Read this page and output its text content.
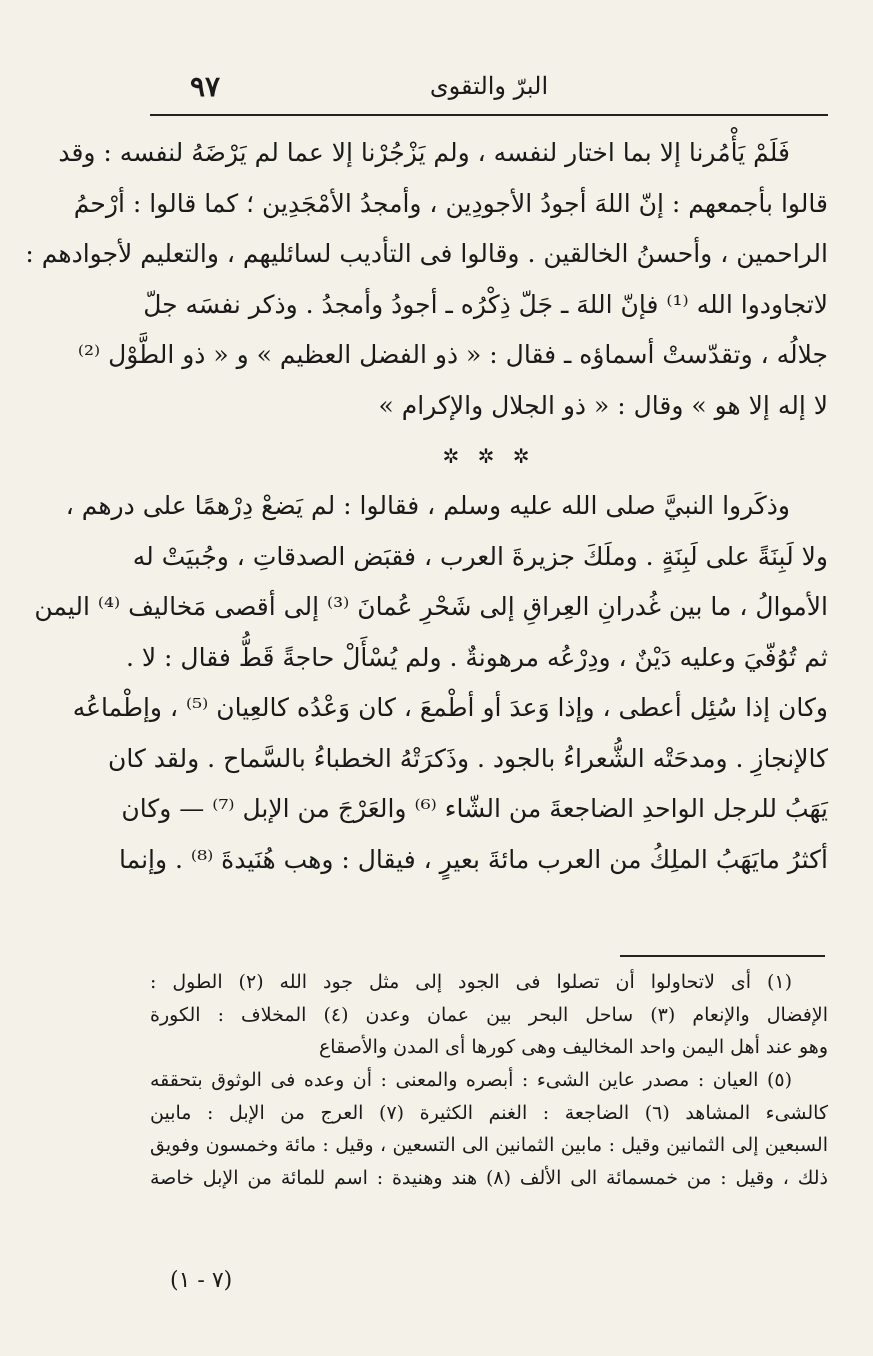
٩٧	البرّ والتقوى
فَلَمْ يَأْمُرنا إلا بما اختار لنفسه ، ولم يَزْجُرْنا إلا عما لم يَرْضَهُ لنفسه : وقد
قالوا بأجمعهم : إنّ اللهَ أجودُ الأجودِين ، وأمجدُ الأمْجَدِين ؛ كما قالوا : أرْحمُ
الراحمين ، وأحسنُ الخالقين . وقالوا فى التأديب لسائليهم ، والتعليم لأجوادهم :
لاتجاودوا الله ⁽¹⁾ فإنّ اللهَ ـ جَلّ ذِكْرُه ـ أجودُ وأمجدُ . وذكر نفسَه جلّ
جلالُه ، وتقدّستْ أسماؤه ـ فقال : « ذو الفضل العظيم » و « ذو الطَّوْل ⁽²⁾
لا إله إلا هو » وقال : « ذو الجلال والإكرام »
✲ ✲ ✲
وذكَروا النبيَّ صلى الله عليه وسلم ، فقالوا : لم يَضعْ دِرْهمًا على درهم ،
ولا لَبِنَةً على لَبِنَةٍ . وملَكَ جزيرةَ العرب ، فقبَض الصدقاتِ ، وجُبيَتْ له
الأموالُ ، ما بين غُدرانِ العِراقِ إلى شَحْرِ عُمانَ ⁽³⁾ إلى أقصى مَخاليف ⁽⁴⁾ اليمن
ثم تُوُفّيَ وعليه دَيْنٌ ، ودِرْعُه مرهونةٌ . ولم يُسْأَلْ حاجةً قَطُّ فقال : لا .
وكان إذا سُئِل أعطى ، وإذا وَعدَ أو أطْمعَ ، كان وَعْدُه كالعِيان ⁽⁵⁾ ، وإطْماعُه
كالإنجازِ . ومدحَتْه الشُّعراءُ بالجود . وذَكرَتْهُ الخطباءُ بالسَّماح . ولقد كان
يَهَبُ للرجل الواحدِ الضاجعةَ من الشّاء ⁽⁶⁾ والعَرْجَ من الإبل ⁽⁷⁾ — وكان
أكثرُ مايَهَبُ الملِكُ من العرب مائةَ بعيرٍ ، فيقال : وهب هُنَيدةَ ⁽⁸⁾ . وإنما
(١) أى لاتحاولوا أن تصلوا فى الجود إلى مثل جود الله (٢) الطول :
الإفضال والإنعام (٣) ساحل البحر بين عمان وعدن (٤) المخلاف : الكورة
وهو عند أهل اليمن واحد المخاليف وهى كورها أى المدن والأصقاع
(٥) العيان : مصدر عاين الشىء : أبصره والمعنى : أن وعده فى الوثوق بتحققه
كالشىء المشاهد (٦) الضاجعة : الغنم الكثيرة (٧) العرج من الإبل : مابين
السبعين إلى الثمانين وقيل : مابين الثمانين الى التسعين ، وقيل : مائة وخمسون وفويق
ذلك ، وقيل : من خمسمائة الى الألف (٨) هند وهنيدة : اسم للمائة من الإبل خاصة
(٧ - ١)
